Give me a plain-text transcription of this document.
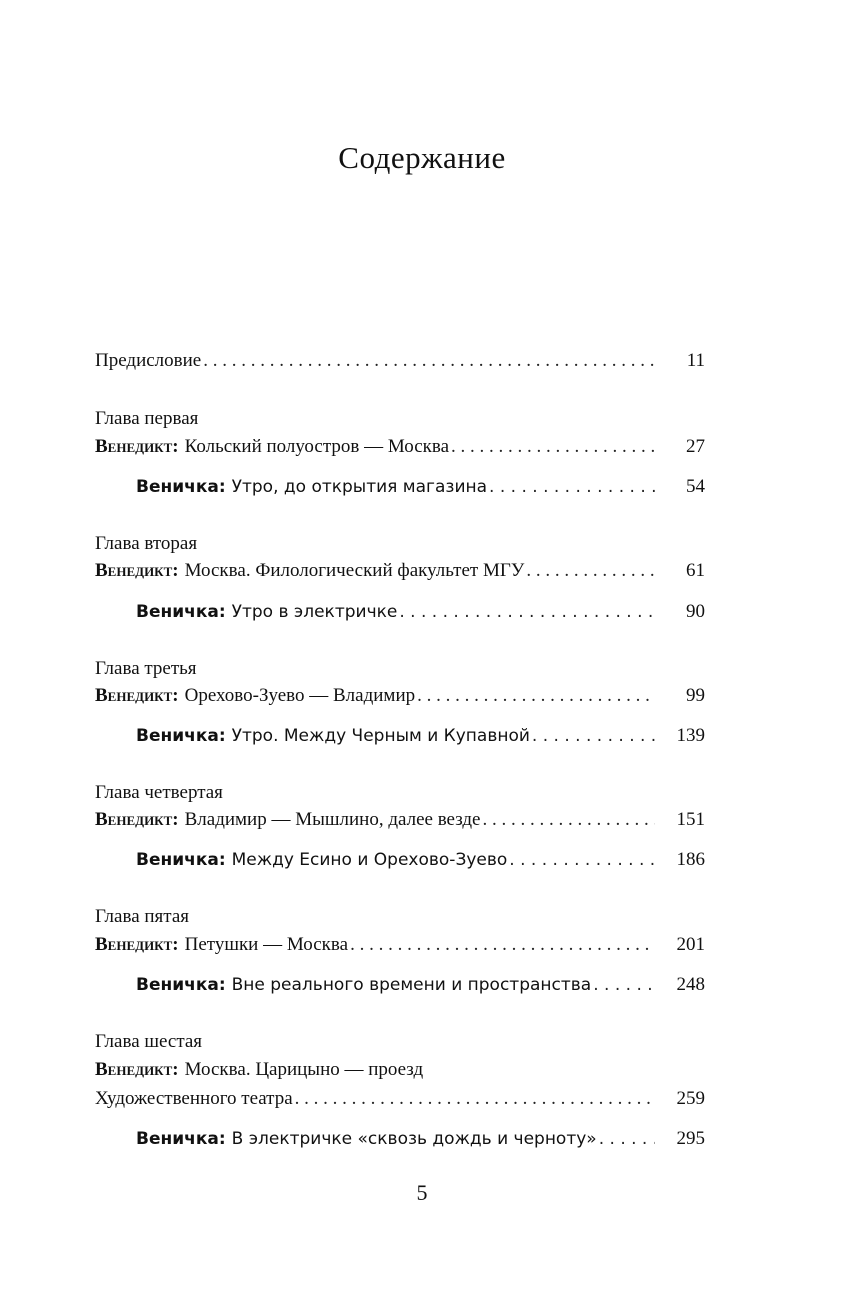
Содержание
Предисловие . . .	11
Глава первая
Венедикт: Кольский полуостров — Москва . . .	27
Веничка: Утро, до открытия магазина . . .	54
Глава вторая
Венедикт: Москва. Филологический факультет МГУ . . .	61
Веничка: Утро в электричке . . .	90
Глава третья
Венедикт: Орехово-Зуево — Владимир . . .	99
Веничка: Утро. Между Черным и Купавной . . .	139
Глава четвертая
Венедикт: Владимир — Мышлино, далее везде . . .	151
Веничка: Между Есино и Орехово-Зуево . . .	186
Глава пятая
Венедикт: Петушки — Москва . . .	201
Веничка: Вне реального времени и пространства . . .	248
Глава шестая
Венедикт: Москва. Царицыно — проезд
Художественного театра . . .	259
Веничка: В электричке «сквозь дождь и черноту» . . .	295
5
